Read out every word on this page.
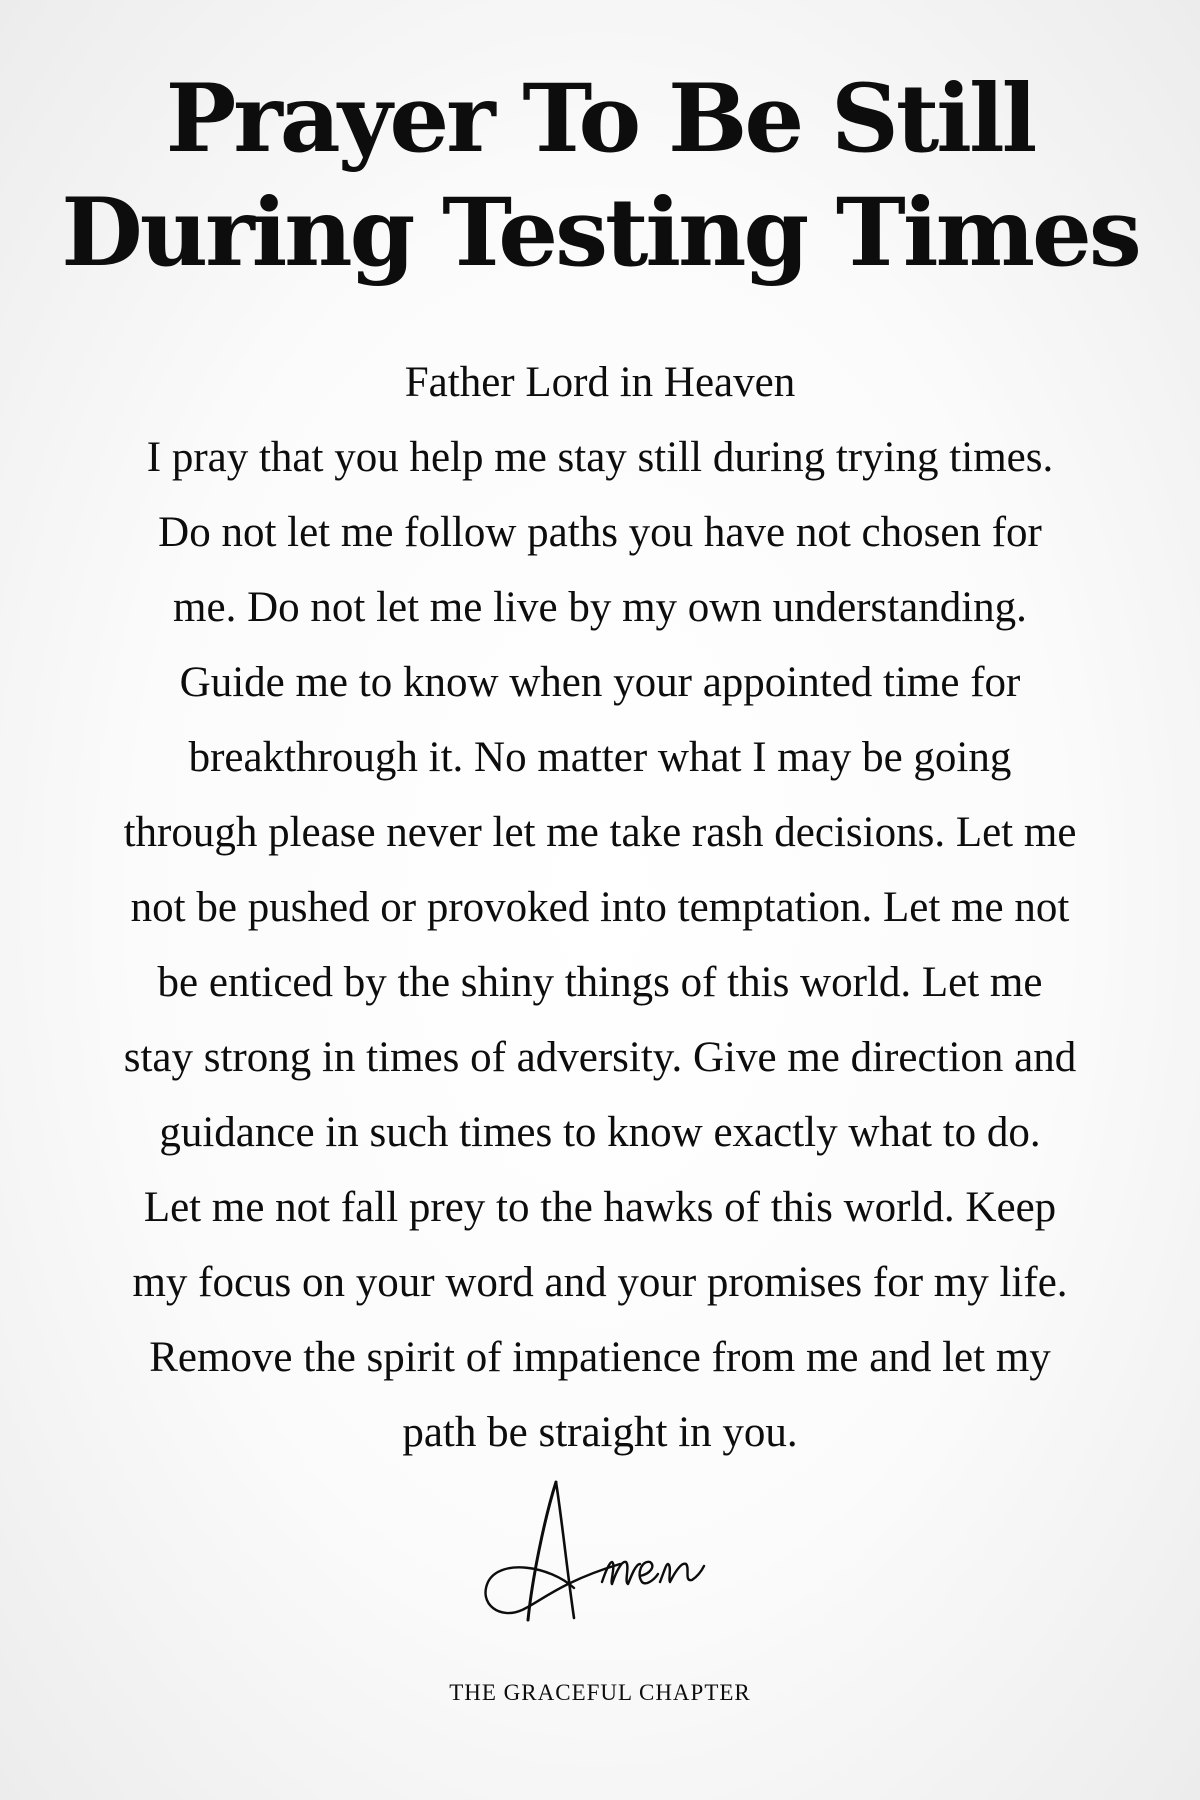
Prayer To Be Still
During Testing Times
Father Lord in Heaven
I pray that you help me stay still during trying times.
Do not let me follow paths you have not chosen for
me. Do not let me live by my own understanding.
Guide me to know when your appointed time for
breakthrough it. No matter what I may be going
through please never let me take rash decisions. Let me
not be pushed or provoked into temptation. Let me not
be enticed by the shiny things of this world. Let me
stay strong in times of adversity. Give me direction and
guidance in such times to know exactly what to do.
Let me not fall prey to the hawks of this world. Keep
my focus on your word and your promises for my life.
Remove the spirit of impatience from me and let my
path be straight in you.
THE GRACEFUL CHAPTER
